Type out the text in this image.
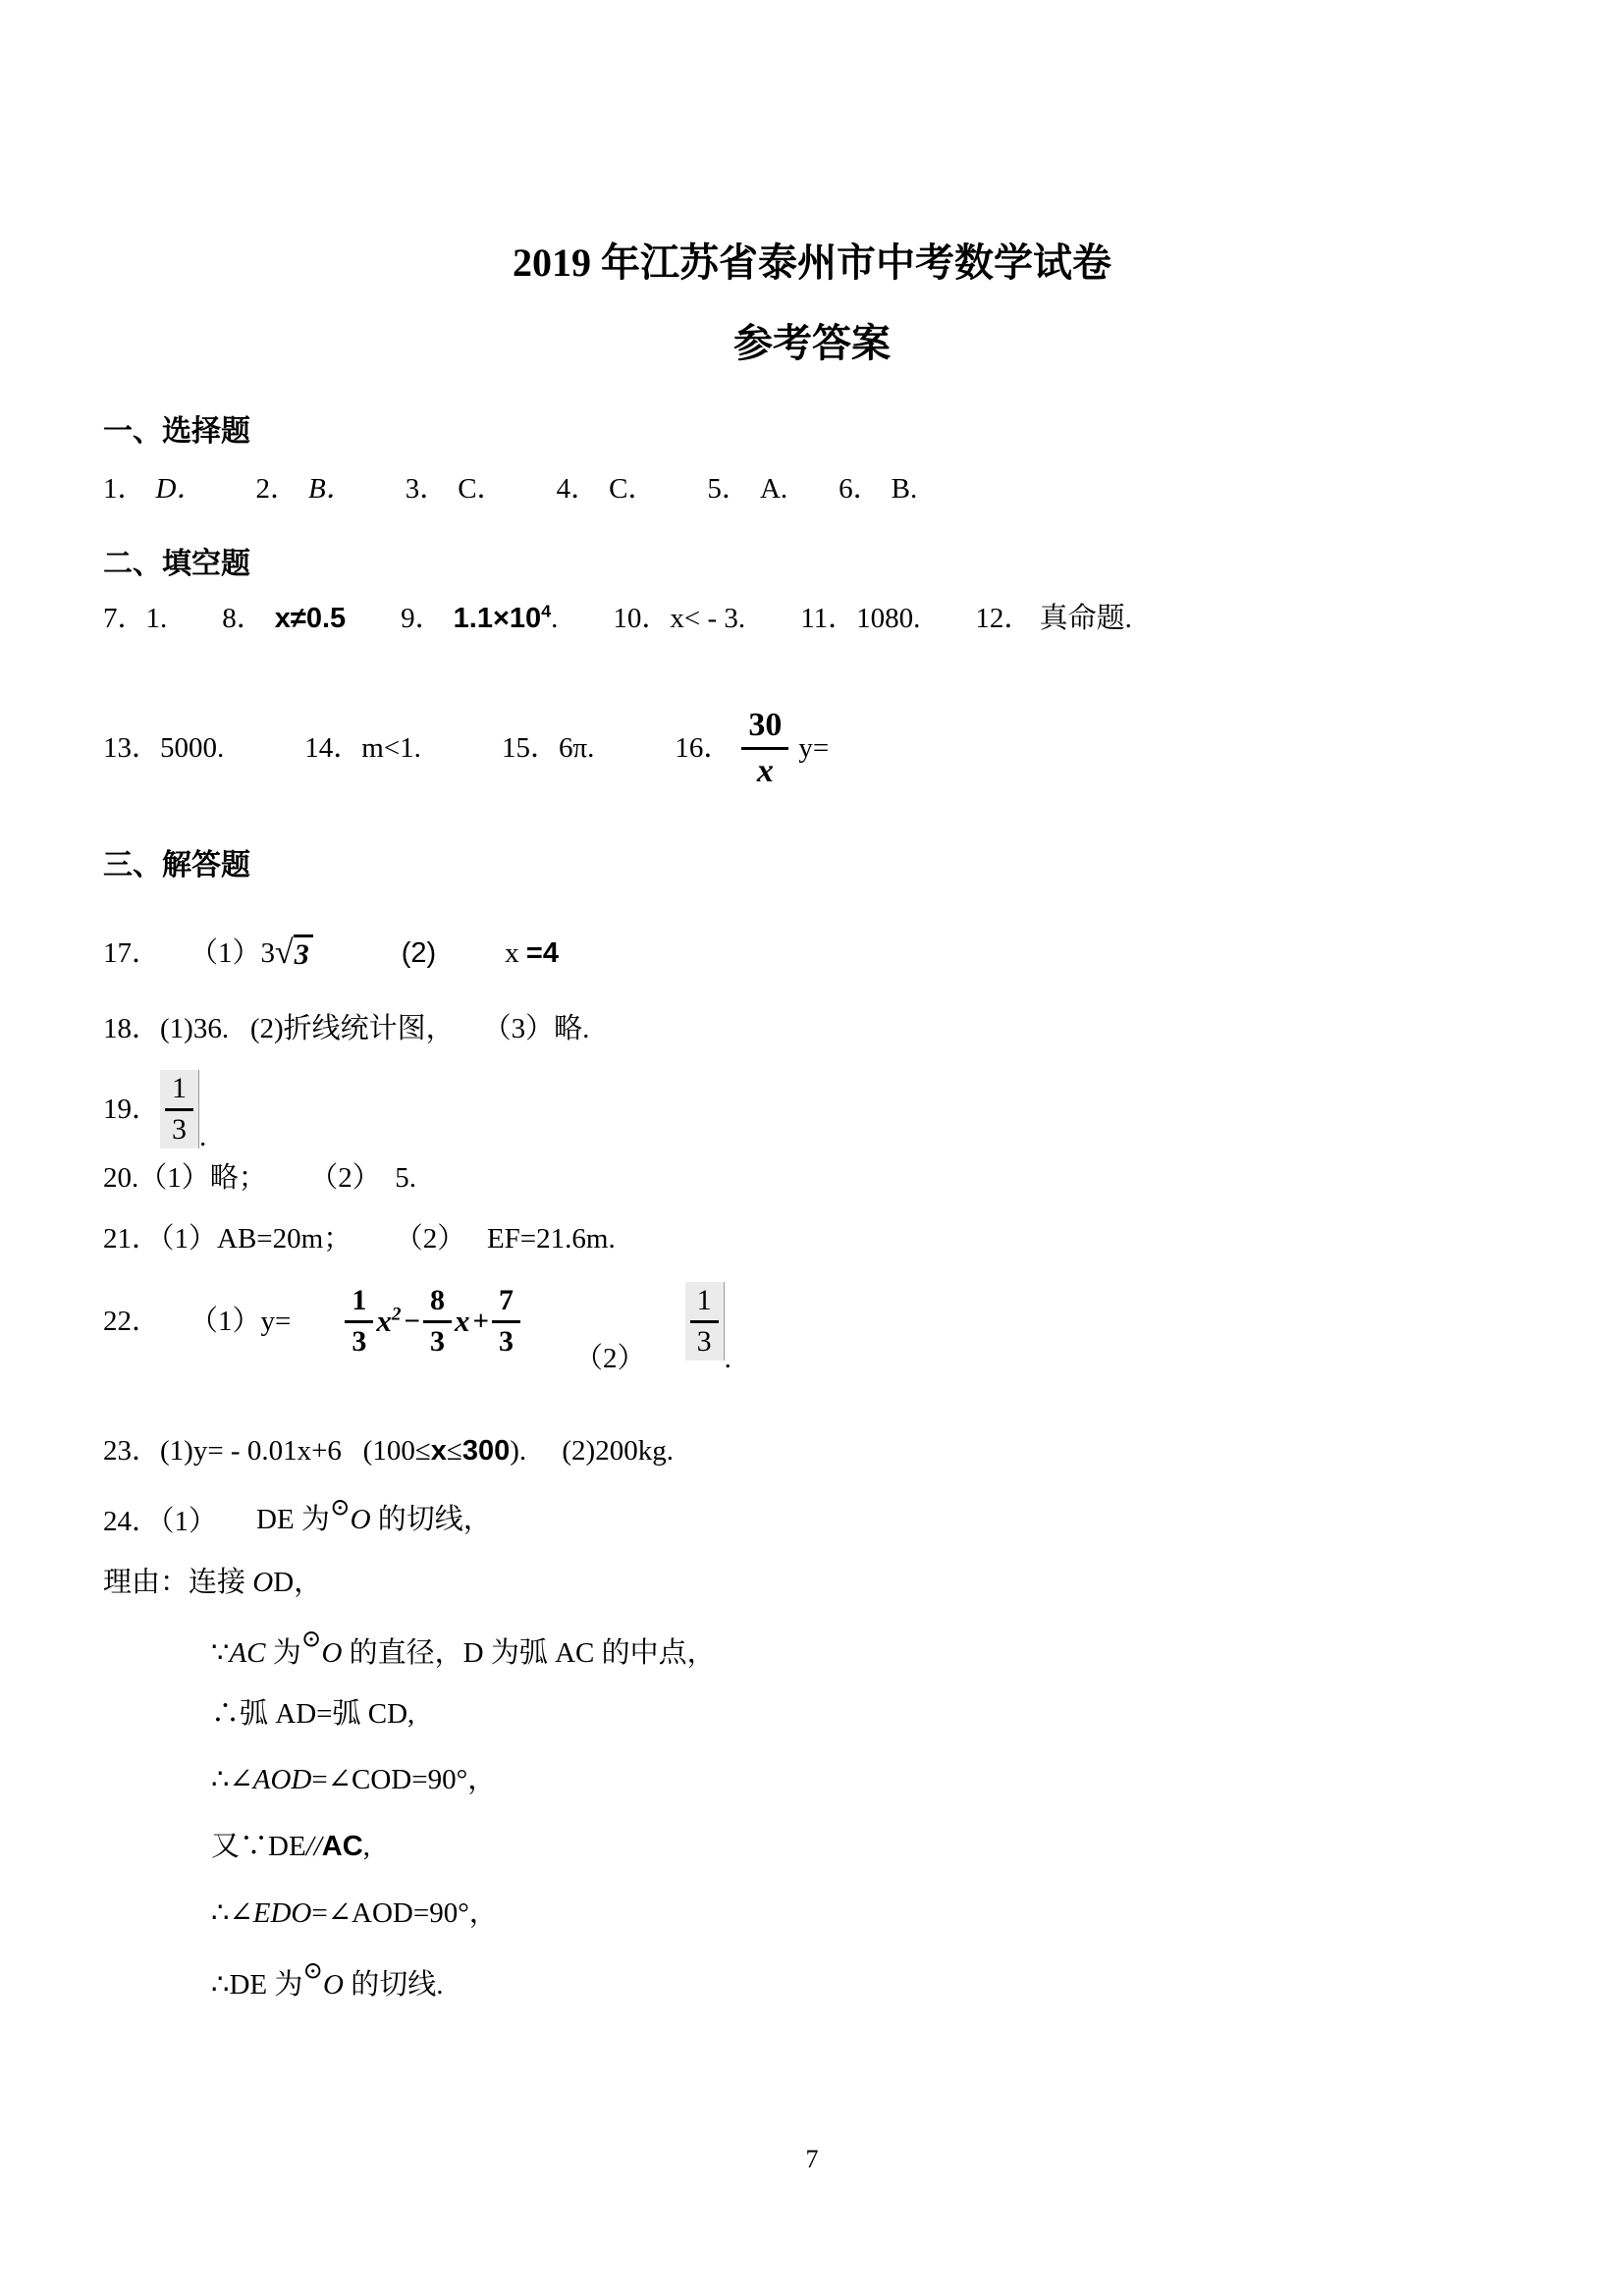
2019 年江苏省泰州市中考数学试卷
参考答案
一、选择题
1． D． 2． B． 3． C． 4． C． 5． A. 6． B.
二、填空题
7．1. 8． x≠0.5 9． $1.1\times 10^4$. 10．x< - 3. 11．1080. 12． 真命题.
13．5000.	14．m<1.	15．6π.	16． $\frac{30}{x} y=$
三、解答题
17． （1）3 √ 3	(2) x =4
18．(1)36.   (2)折线统计图，    （3）略.
19． $\frac{1}{3}$ .
20.（1）略；      （2）  5.
21．（1）AB=20m；      （2）   EF=21.6m.
22． $(1)y= \frac{1}{3} x^2 - \frac{8}{3}$ $x + \frac{7}{3} (2) \frac{1}{3}$ .
23．(1)y= - 0.01x+6   (100≤x≤300).     (2)200kg.
24．（1） DE 为⊙O 的切线，
理由：连接 OD，
∵ AC 为 ⊙ O 的直径，D 为弧 AC 的中点，
∴弧 AD=弧 CD,
∴∠AOD=∠COD=90°，
又∵DE//AC,
∴∠EDO=∠AOD=90°，
∴DE 为 ⊙ O 的切线.
7
